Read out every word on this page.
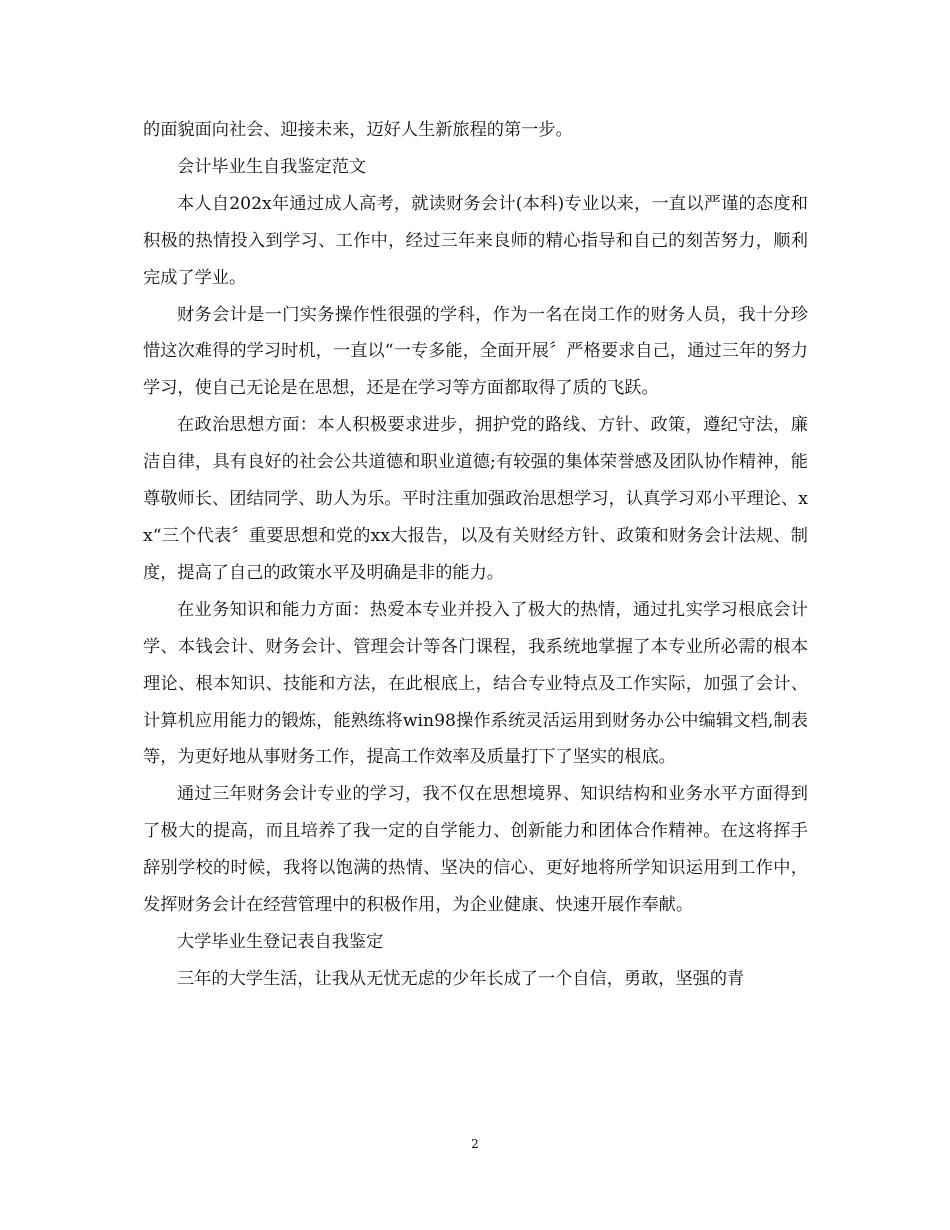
的面貌面向社会、迎接未来，迈好人生新旅程的第一步。

会计毕业生自我鉴定范文

本人自202x年通过成人高考，就读财务会计(本科)专业以来，一直以严谨的态度和积极的热情投入到学习、工作中，经过三年来良师的精心指导和自己的刻苦努力，顺利完成了学业。

财务会计是一门实务操作性很强的学科，作为一名在岗工作的财务人员，我十分珍惜这次难得的学习时机，一直以“一专多能，全面开展〞严格要求自己，通过三年的努力学习，使自己无论是在思想，还是在学习等方面都取得了质的飞跃。

在政治思想方面：本人积极要求进步，拥护党的路线、方针、政策，遵纪守法，廉洁自律，具有良好的社会公共道德和职业道德;有较强的集体荣誉感及团队协作精神，能尊敬师长、团结同学、助人为乐。平时注重加强政治思想学习，认真学习邓小平理论、xx“三个代表〞重要思想和党的xx大报告，以及有关财经方针、政策和财务会计法规、制度，提高了自己的政策水平及明确是非的能力。

在业务知识和能力方面：热爱本专业并投入了极大的热情，通过扎实学习根底会计学、本钱会计、财务会计、管理会计等各门课程，我系统地掌握了本专业所必需的根本理论、根本知识、技能和方法，在此根底上，结合专业特点及工作实际，加强了会计、计算机应用能力的锻炼，能熟练将win98操作系统灵活运用到财务办公中编辑文档,制表等，为更好地从事财务工作，提高工作效率及质量打下了坚实的根底。

通过三年财务会计专业的学习，我不仅在思想境界、知识结构和业务水平方面得到了极大的提高，而且培养了我一定的自学能力、创新能力和团体合作精神。在这将挥手辞别学校的时候，我将以饱满的热情、坚决的信心、更好地将所学知识运用到工作中，发挥财务会计在经营管理中的积极作用，为企业健康、快速开展作奉献。

大学毕业生登记表自我鉴定

三年的大学生活，让我从无忧无虑的少年长成了一个自信，勇敢，坚强的青

2
